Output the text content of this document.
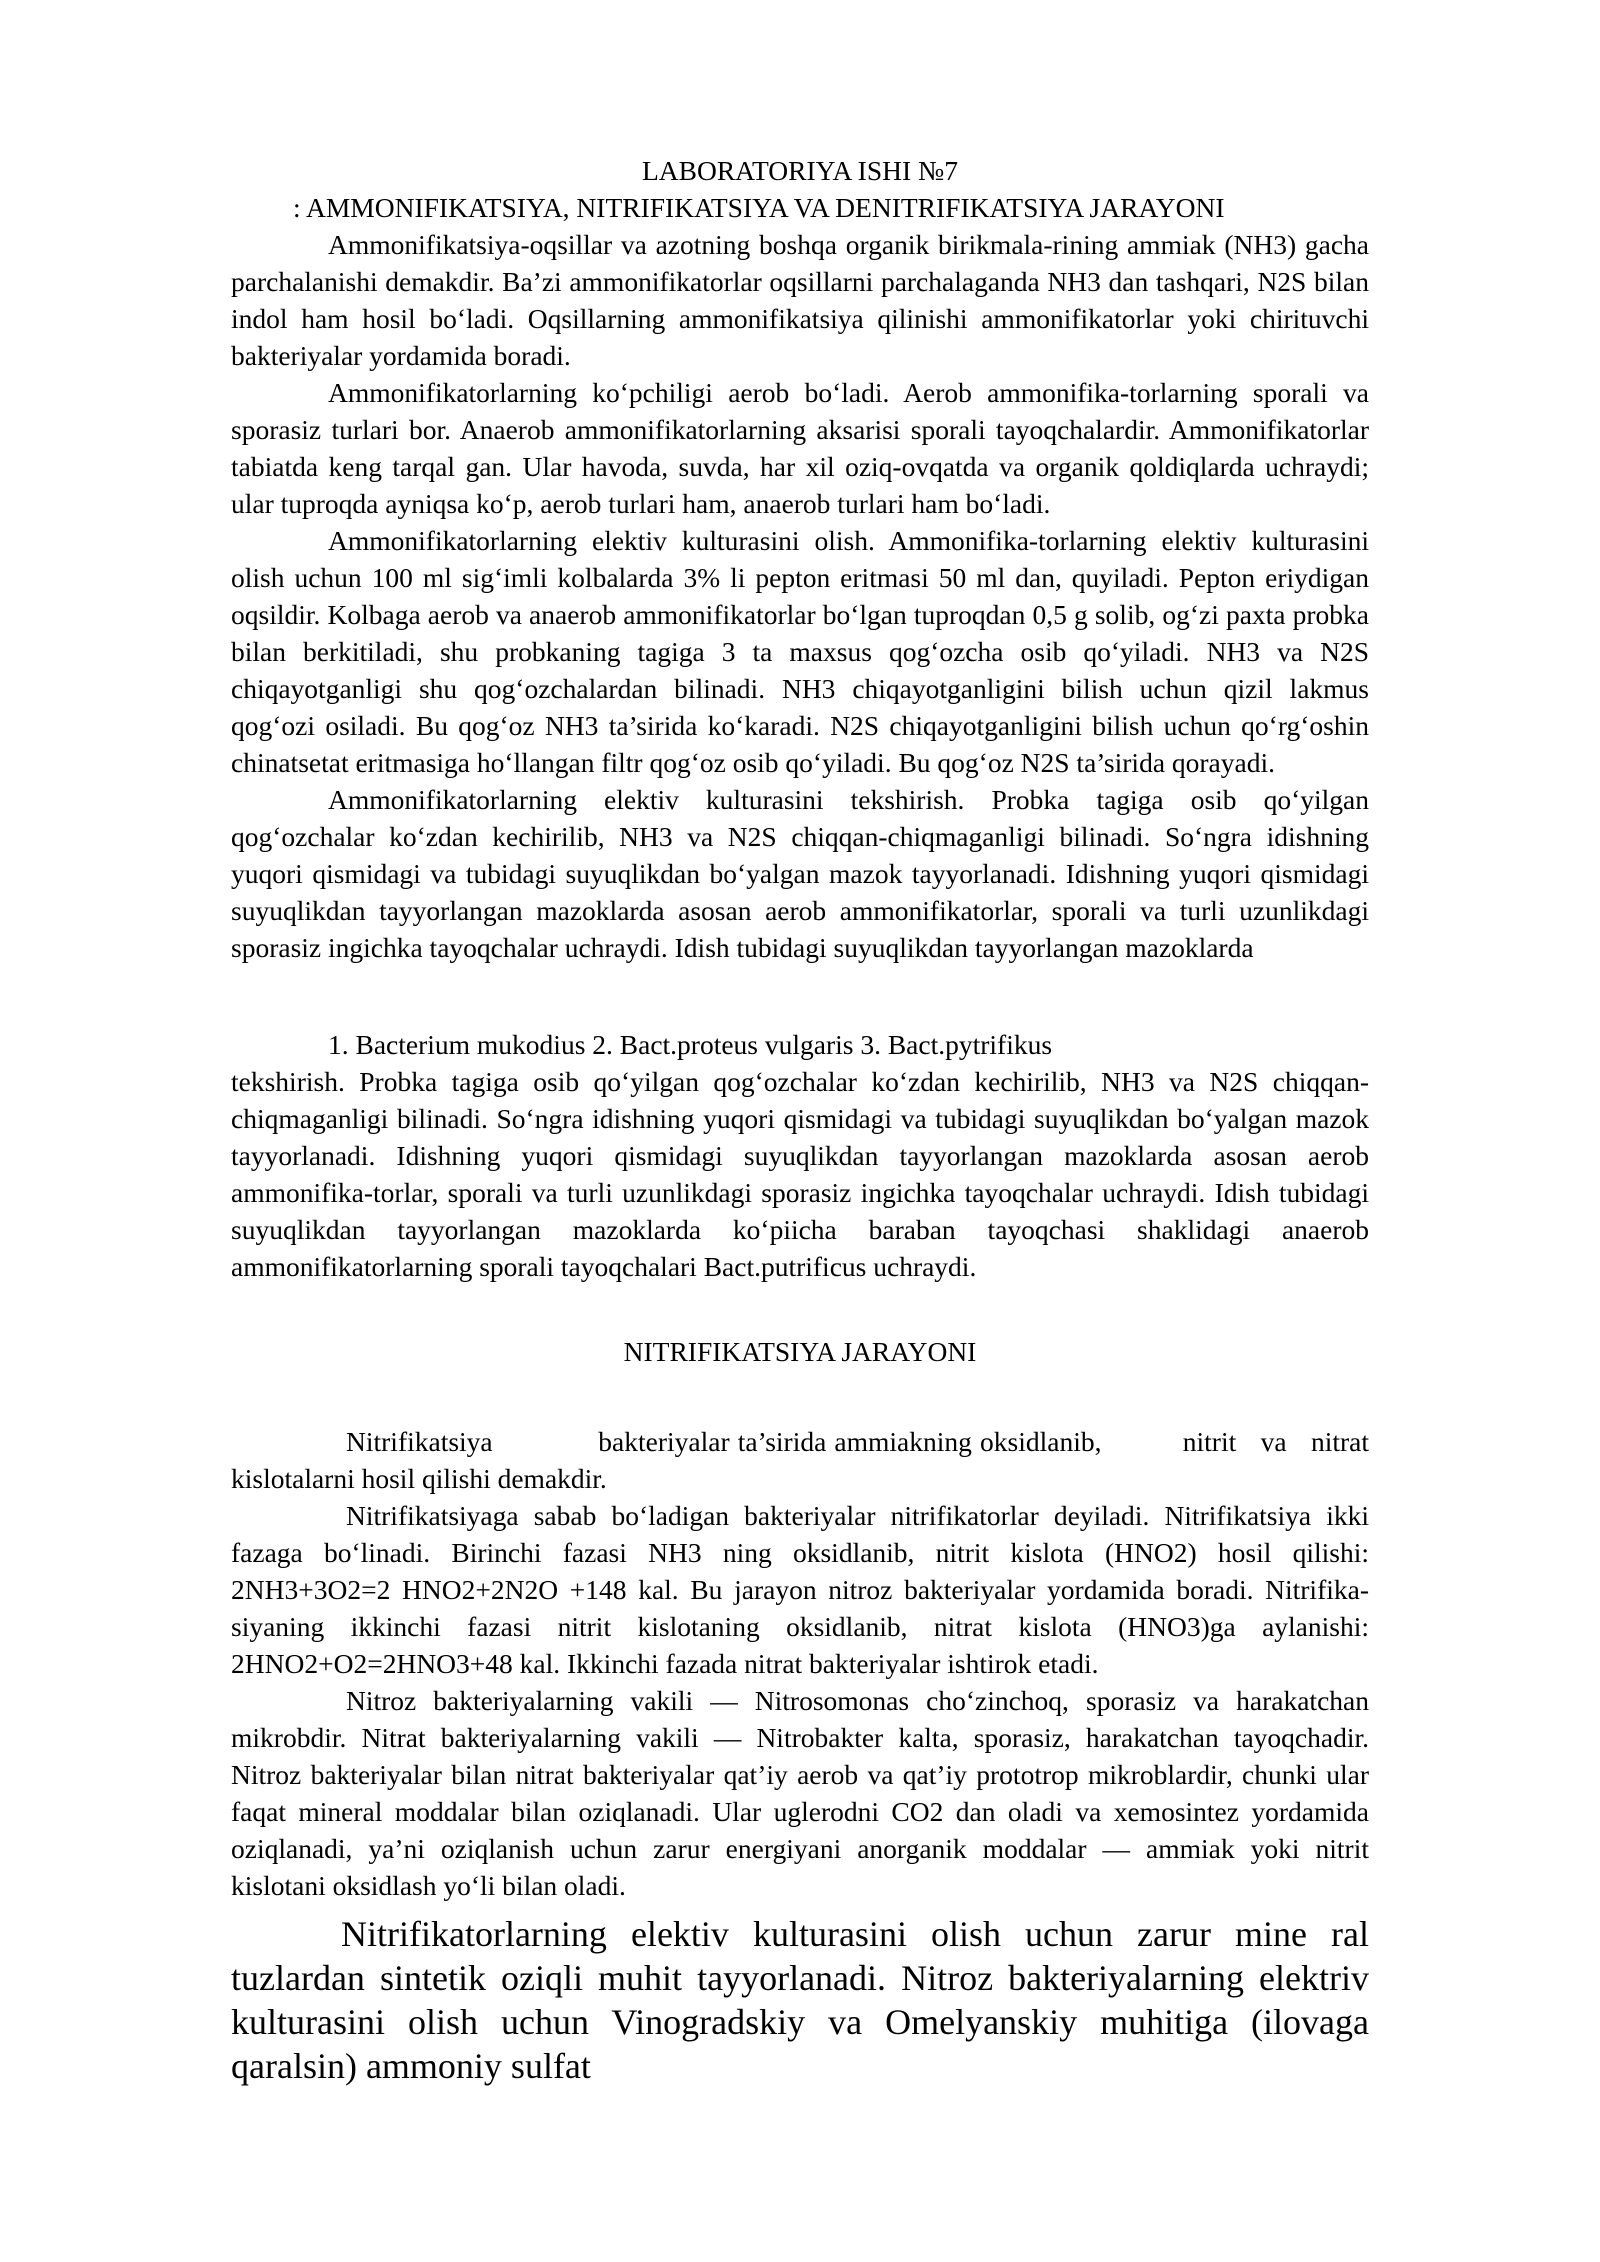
LABORATORIYA ISHI №7
: AMMONIFIKATSIYA, NITRIFIKATSIYA VA DENITRIFIKATSIYA JARAYONI

Ammonifikatsiya-oqsillar va azotning boshqa organik birikmala-rining ammiak (NH3) gacha parchalanishi demakdir. Ba’zi ammonifikatorlar oqsillarni parchalaganda NH3 dan tashqari, N2S bilan indol ham hosil bo‘ladi. Oqsillarning ammonifikatsiya qilinishi ammonifikatorlar yoki chirituvchi bakteriyalar yordamida boradi.

Ammonifikatorlarning ko‘pchiligi aerob bo‘ladi. Aerob ammonifika-torlarning sporali va sporasiz turlari bor. Anaerob ammonifikatorlarning aksarisi sporali tayoqchalardir. Ammonifikatorlar tabiatda keng tarqal gan. Ular havoda, suvda, har xil oziq-ovqatda va organik qoldiqlarda uchraydi; ular tuproqda ayniqsa ko‘p, aerob turlari ham, anaerob turlari ham bo‘ladi.

Ammonifikatorlarning elektiv kulturasini olish. Ammonifika-torlarning elektiv kulturasini olish uchun 100 ml sig‘imli kolbalarda 3% li pepton eritmasi 50 ml dan, quyiladi. Pepton eriydigan oqsildir. Kolbaga aerob va anaerob ammonifikatorlar bo‘lgan tuproqdan 0,5 g solib, og‘zi paxta probka bilan berkitiladi, shu probkaning tagiga 3 ta maxsus qog‘ozcha osib qo‘yiladi. NH3 va N2S chiqayotganligi shu qog‘ozchalardan bilinadi. NH3 chiqayotganligini bilish uchun qizil lakmus qog‘ozi osiladi. Bu qog‘oz NH3 ta’sirida ko‘karadi. N2S chiqayotganligini bilish uchun qo‘rg‘oshin chinatsetat eritmasiga ho‘llangan filtr qog‘oz osib qo‘yiladi. Bu qog‘oz N2S ta’sirida qorayadi.

Ammonifikatorlarning elektiv kulturasini tekshirish. Probka tagiga osib qo‘yilgan qog‘ozchalar ko‘zdan kechirilib, NH3 va N2S chiqqan-chiqmaganligi bilinadi. So‘ngra idishning yuqori qismidagi va tubidagi suyuqlikdan bo‘yalgan mazok tayyorlanadi. Idishning yuqori qismidagi suyuqlikdan tayyorlangan mazoklarda asosan aerob ammonifikatorlar, sporali va turli uzunlikdagi sporasiz ingichka tayoqchalar uchraydi. Idish tubidagi suyuqlikdan tayyorlangan mazoklarda

1. Bacterium mukodius 2. Bact.proteus vulgaris 3. Bact.pytrifikus

tekshirish. Probka tagiga osib qo‘yilgan qog‘ozchalar ko‘zdan kechirilib, NH3 va N2S chiqqan-chiqmaganligi bilinadi. So‘ngra idishning yuqori qismidagi va tubidagi suyuqlikdan bo‘yalgan mazok tayyorlanadi. Idishning yuqori qismidagi suyuqlikdan tayyorlangan mazoklarda asosan aerob ammonifika-torlar, sporali va turli uzunlikdagi sporasiz ingichka tayoqchalar uchraydi. Idish tubidagi suyuqlikdan tayyorlangan mazoklarda ko‘piicha baraban tayoqchasi shaklidagi anaerob ammonifikatorlarning sporali tayoqchalari Bact.putrificus uchraydi.

NITRIFIKATSIYA JARAYONI

Nitrifikatsiya             bakteriyalar ta’sirida ammiakning oksidlanib,          nitrit   va   nitrat kislotalarni hosil qilishi demakdir.

Nitrifikatsiyaga sabab bo‘ladigan bakteriyalar nitrifikatorlar deyiladi. Nitrifikatsiya ikki fazaga bo‘linadi. Birinchi fazasi NH3 ning oksidlanib, nitrit kislota (HNO2) hosil qilishi: 2NH3+3O2=2 HNO2+2N2O +148 kal. Bu jarayon nitroz bakteriyalar yordamida boradi. Nitrifika-siyaning ikkinchi fazasi nitrit kislotaning oksidlanib, nitrat kislota (HNO3)ga aylanishi: 2HNO2+O2=2HNO3+48 kal. Ikkinchi fazada nitrat bakteriyalar ishtirok etadi.

Nitroz bakteriyalarning vakili — Nitrosomonas cho‘zinchoq, sporasiz va harakatchan mikrobdir. Nitrat bakteriyalarning vakili — Nitrobakter kalta, sporasiz, harakatchan tayoqchadir. Nitroz bakteriyalar bilan nitrat bakteriyalar qat’iy aerob va qat’iy prototrop mikroblardir, chunki ular faqat mineral moddalar bilan oziqlanadi. Ular uglerodni CO2 dan oladi va xemosintez yordamida oziqlanadi, ya’ni oziqlanish uchun zarur energiyani anorganik moddalar — ammiak yoki nitrit kislotani oksidlash yo‘li bilan oladi.

Nitrifikatorlarning elektiv kulturasini olish uchun zarur mine ral tuzlardan sintetik oziqli muhit tayyorlanadi. Nitroz bakteriyalarning elektriv kulturasini olish uchun Vinogradskiy va Omelyanskiy muhitiga (ilovaga qaralsin) ammoniy sulfat
